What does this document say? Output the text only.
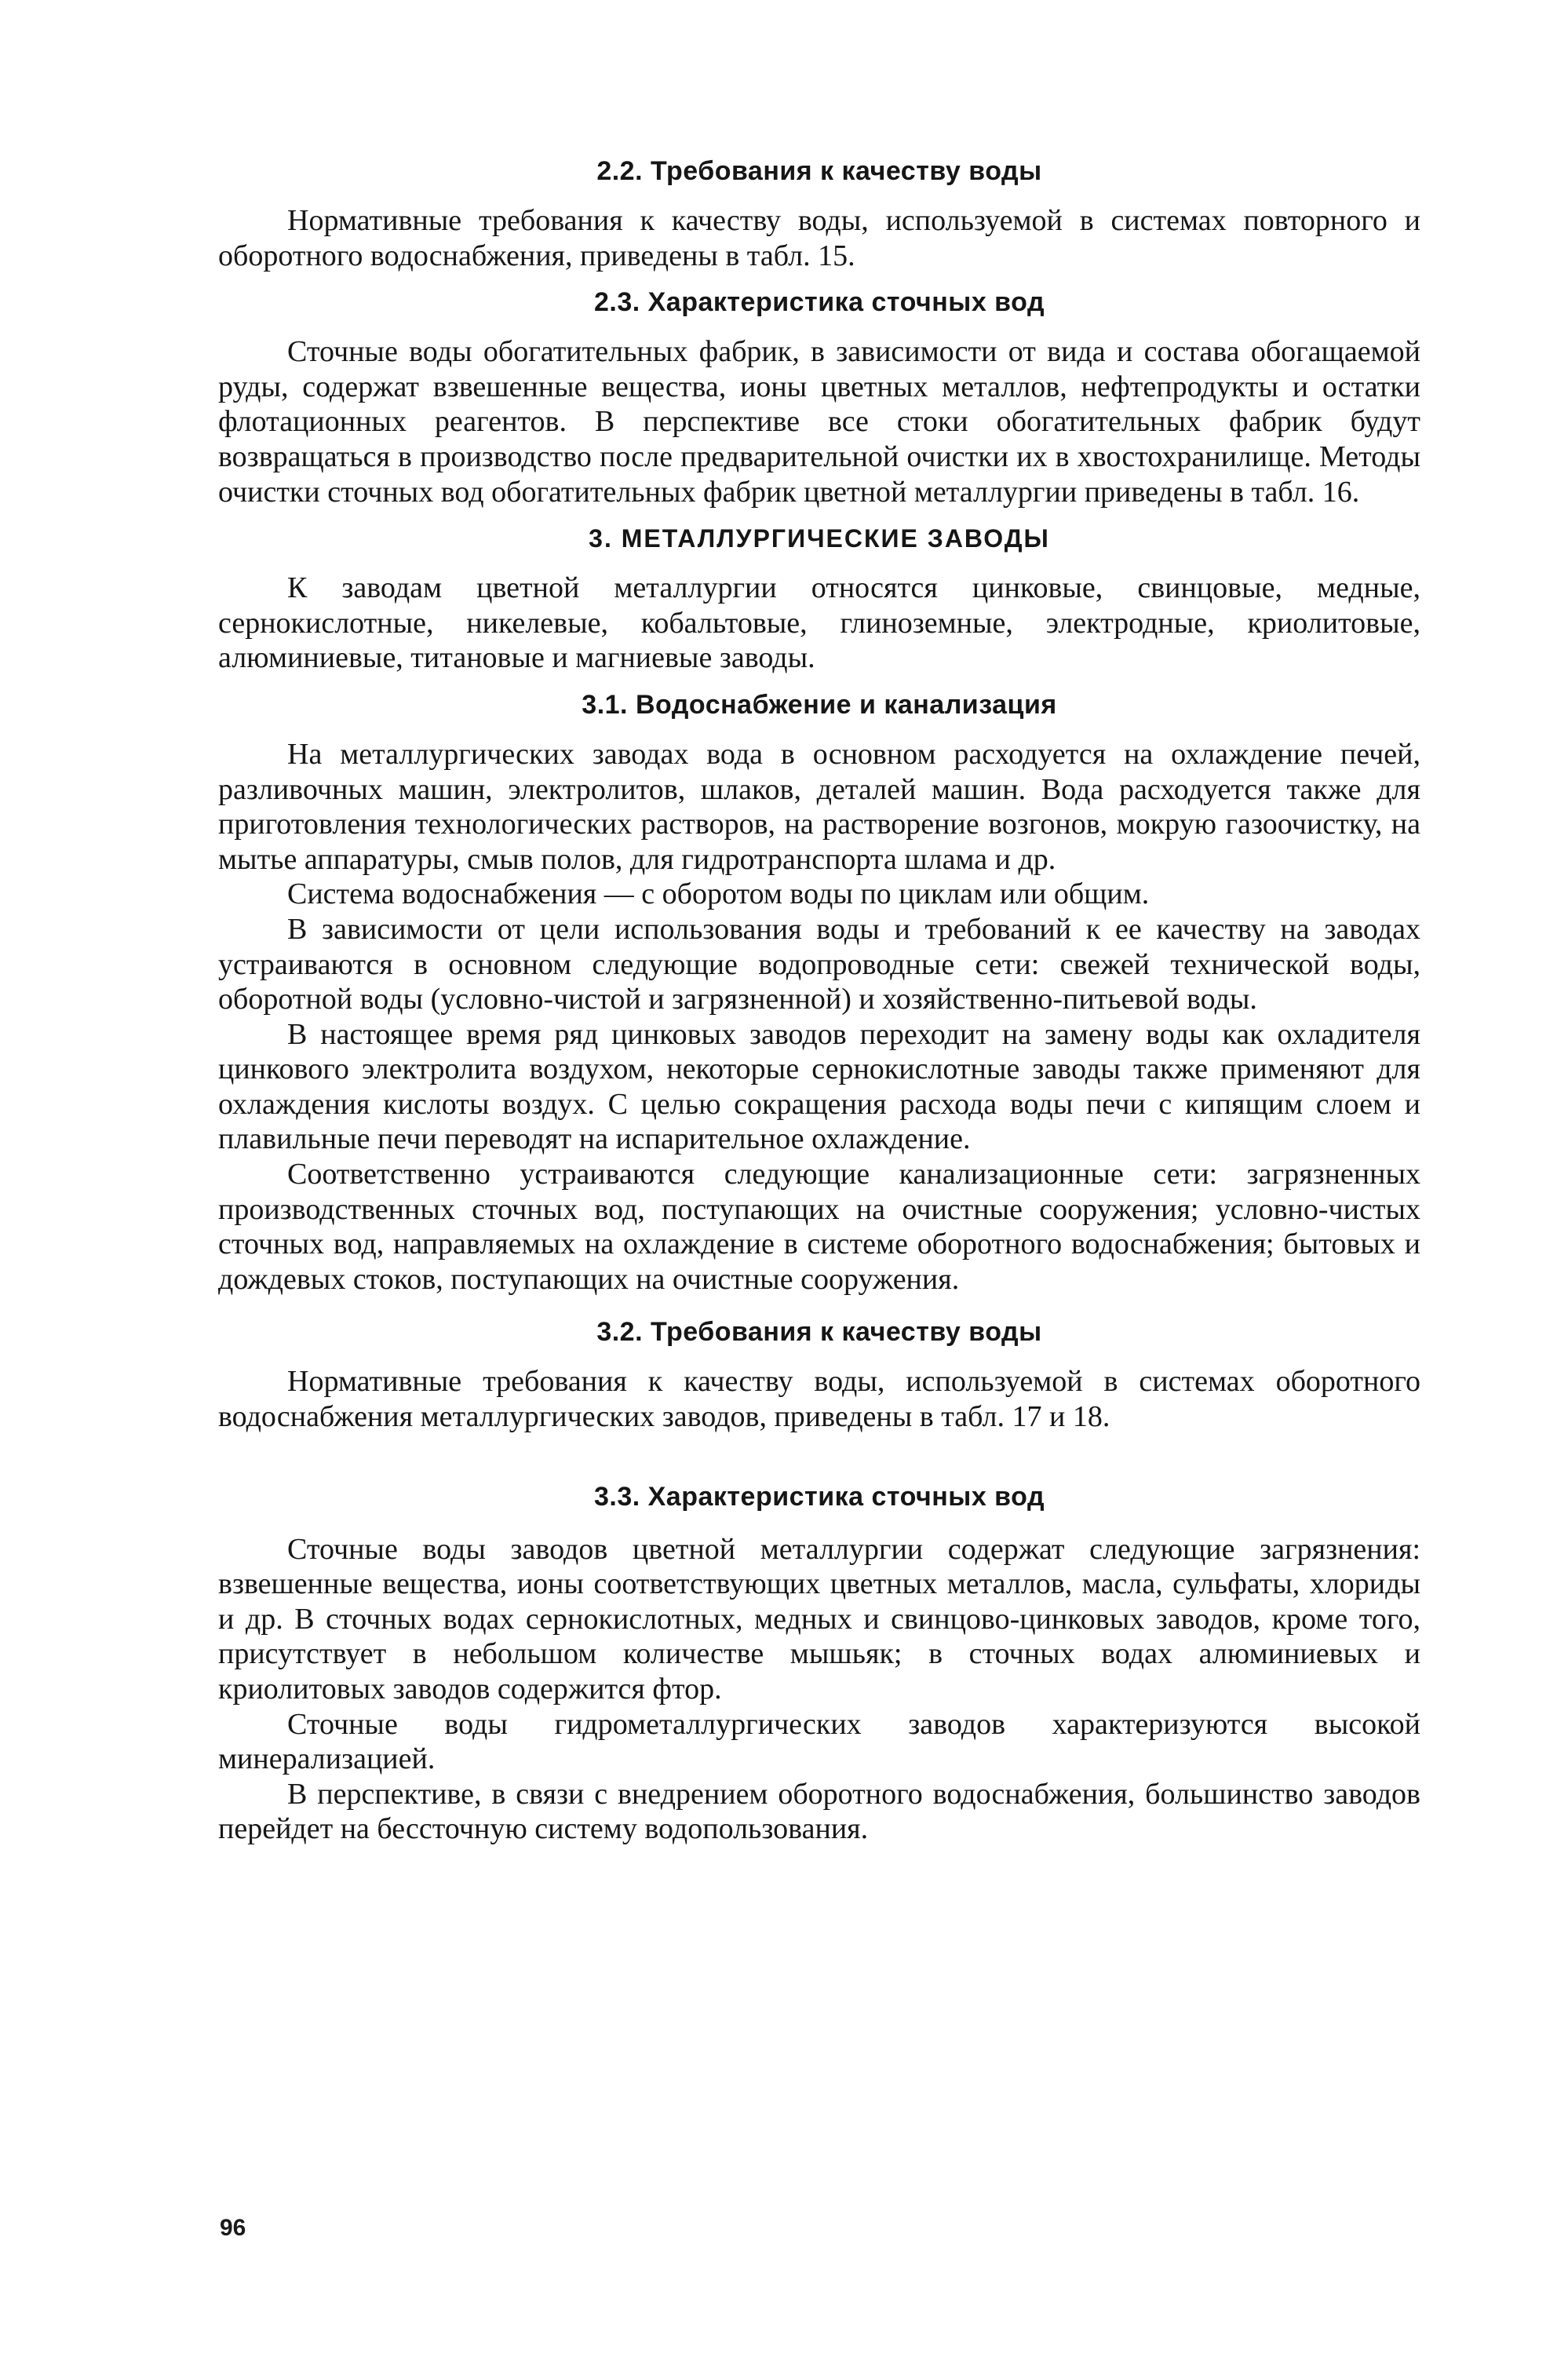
2.2. Требования к качеству воды

Нормативные требования к качеству воды, используемой в системах повторного и оборотного водоснабжения, приведены в табл. 15.

2.3. Характеристика сточных вод

Сточные воды обогатительных фабрик, в зависимости от вида и состава обогащаемой руды, содержат взвешенные вещества, ионы цветных металлов, нефтепродукты и остатки флотационных реагентов. В перспективе все стоки обогатительных фабрик будут возвращаться в производство после предварительной очистки их в хвостохранилище. Методы очистки сточных вод обогатительных фабрик цветной металлургии приведены в табл. 16.

3. МЕТАЛЛУРГИЧЕСКИЕ ЗАВОДЫ

К заводам цветной металлургии относятся цинковые, свинцовые, медные, сернокислотные, никелевые, кобальтовые, глиноземные, электродные, криолитовые, алюминиевые, титановые и магниевые заводы.

3.1. Водоснабжение и канализация

На металлургических заводах вода в основном расходуется на охлаждение печей, разливочных машин, электролитов, шлаков, деталей машин. Вода расходуется также для приготовления технологических растворов, на растворение возгонов, мокрую газоочистку, на мытье аппаратуры, смыв полов, для гидротранспорта шлама и др.

Система водоснабжения — с оборотом воды по циклам или общим.

В зависимости от цели использования воды и требований к ее качеству на заводах устраиваются в основном следующие водопроводные сети: свежей технической воды, оборотной воды (условно-чистой и загрязненной) и хозяйственно-питьевой воды.

В настоящее время ряд цинковых заводов переходит на замену воды как охладителя цинкового электролита воздухом, некоторые сернокислотные заводы также применяют для охлаждения кислоты воздух. С целью сокращения расхода воды печи с кипящим слоем и плавильные печи переводят на испарительное охлаждение.

Соответственно устраиваются следующие канализационные сети: загрязненных производственных сточных вод, поступающих на очистные сооружения; условно-чистых сточных вод, направляемых на охлаждение в системе оборотного водоснабжения; бытовых и дождевых стоков, поступающих на очистные сооружения.

3.2. Требования к качеству воды

Нормативные требования к качеству воды, используемой в системах оборотного водоснабжения металлургических заводов, приведены в табл. 17 и 18.

3.3. Характеристика сточных вод

Сточные воды заводов цветной металлургии содержат следующие загрязнения: взвешенные вещества, ионы соответствующих цветных металлов, масла, сульфаты, хлориды и др. В сточных водах сернокислотных, медных и свинцово-цинковых заводов, кроме того, присутствует в небольшом количестве мышьяк; в сточных водах алюминиевых и криолитовых заводов содержится фтор.

Сточные воды гидрометаллургических заводов характеризуются высокой минерализацией.

В перспективе, в связи с внедрением оборотного водоснабжения, большинство заводов перейдет на бессточную систему водопользования.

96
